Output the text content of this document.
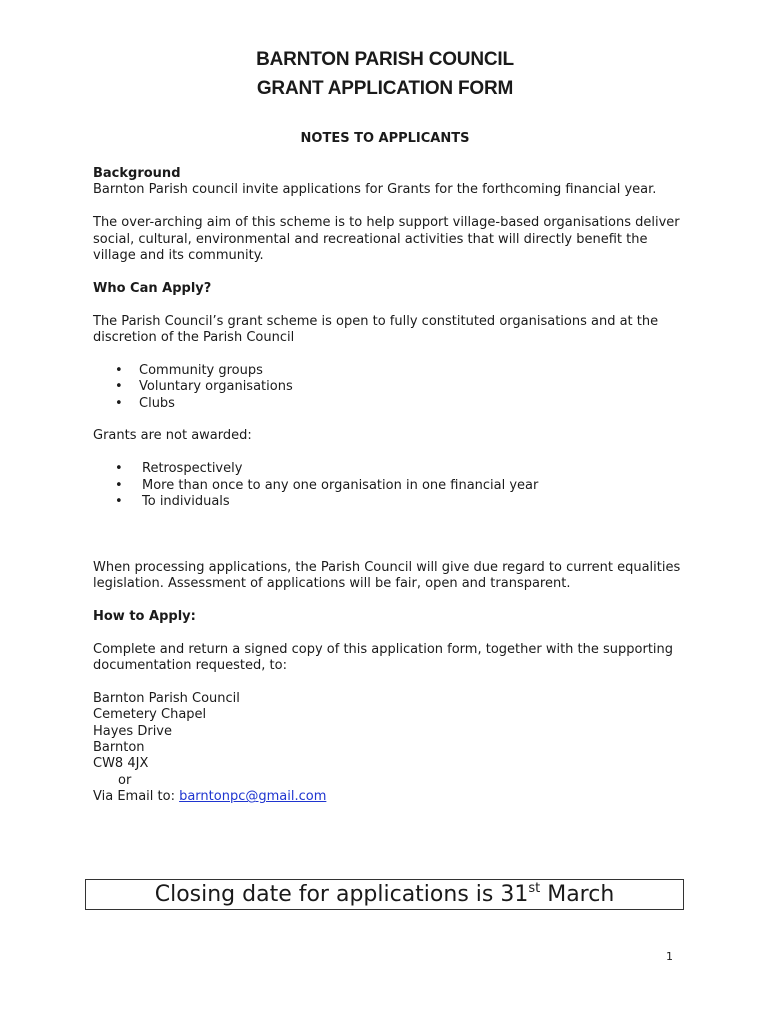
BARNTON PARISH COUNCIL
GRANT APPLICATION FORM
NOTES TO APPLICANTS

Background

Barnton Parish council invite applications for Grants for the forthcoming financial year.

The over-arching aim of this scheme is to help support village-based organisations deliver social, cultural, environmental and recreational activities that will directly benefit the village and its community.

Who Can Apply?

The Parish Council’s grant scheme is open to fully constituted organisations and at the discretion of the Parish Council

• Community groups
• Voluntary organisations
• Clubs

Grants are not awarded:

• Retrospectively
• More than once to any one organisation in one financial year
• To individuals

When processing applications, the Parish Council will give due regard to current equalities legislation. Assessment of applications will be fair, open and transparent.

How to Apply:

Complete and return a signed copy of this application form, together with the supporting documentation requested, to:

Barnton Parish Council

Cemetery Chapel

Hayes Drive

Barnton

CW8 4JX

or

Via Email to: barntonpc@gmail.com

Closing date for applications is 31st March
1
